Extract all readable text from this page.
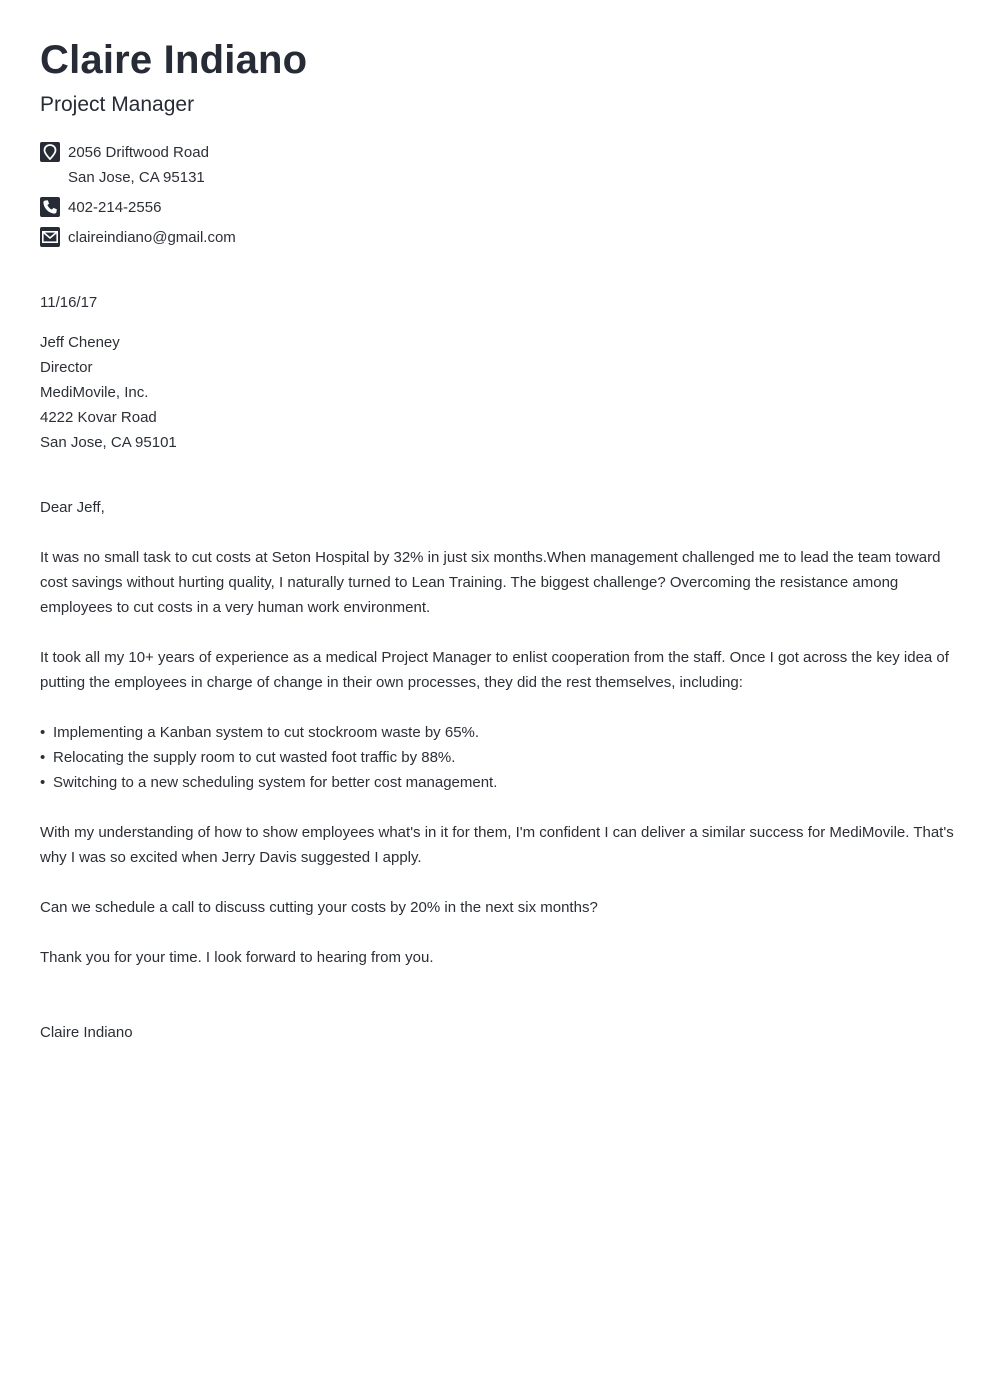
Claire Indiano
Project Manager
2056 Driftwood Road
San Jose, CA 95131
402-214-2556
claireindiano@gmail.com
11/16/17
Jeff Cheney
Director
MediMovile, Inc.
4222 Kovar Road
San Jose, CA 95101
Dear Jeff,
It was no small task to cut costs at Seton Hospital by 32% in just six months.When management challenged me to lead the team toward cost savings without hurting quality, I naturally turned to Lean Training. The biggest challenge? Overcoming the resistance among employees to cut costs in a very human work environment.
It took all my 10+ years of experience as a medical Project Manager to enlist cooperation from the staff. Once I got across the key idea of putting the employees in charge of change in their own processes, they did the rest themselves, including:
• Implementing a Kanban system to cut stockroom waste by 65%.
• Relocating the supply room to cut wasted foot traffic by 88%.
• Switching to a new scheduling system for better cost management.
With my understanding of how to show employees what's in it for them, I'm confident I can deliver a similar success for MediMovile. That's why I was so excited when Jerry Davis suggested I apply.
Can we schedule a call to discuss cutting your costs by 20% in the next six months?
Thank you for your time. I look forward to hearing from you.
Claire Indiano
